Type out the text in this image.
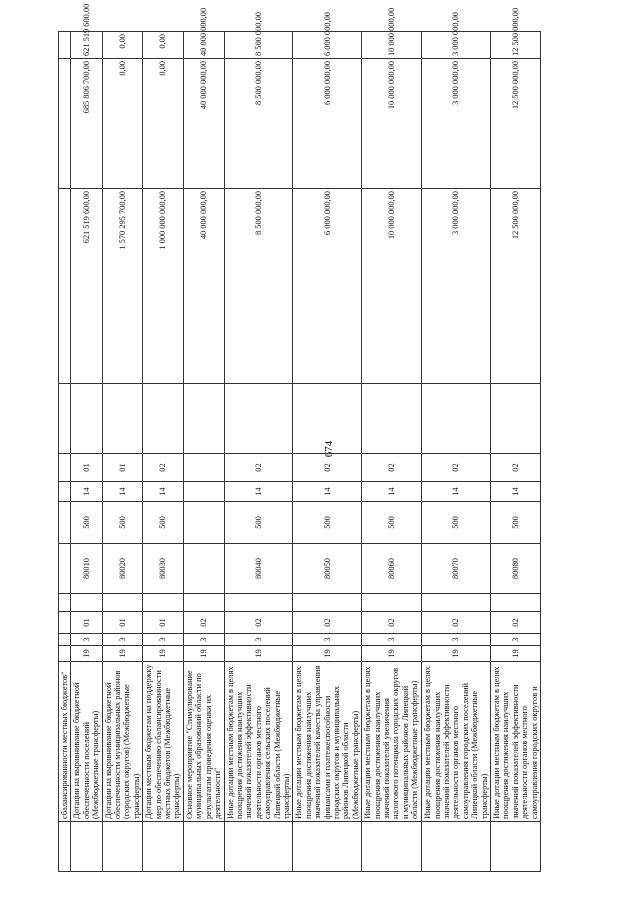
674
	сбалансированности местных бюджетов"												
	Дотации на выравнивание бюджетной обеспеченности поселений (Межбюджетные трансферты)	19	3	01		80010	500	14	01		621 519 600,00	685 806 700,00	621 519 600,00
	Дотации на выравнивание бюджетной обеспеченности муниципальных районов (городских округов) (Межбюджетные трансферты)	19	3	01		80020	500	14	01		1 570 295 700,00	0,00	0,00
	Дотации местным бюджетам на поддержку мер по обеспечению сбалансированности местных бюджетов (Межбюджетные трансферты)	19	3	01		80030	500	14	02		1 000 000 000,00	0,00	0,00
	Основное мероприятие "Стимулирование муниципальных образований области по результатам проведения оценки их деятельности"	19	3	02							40 000 000,00	40 000 000,00	40 000 000,00
	Иные дотации местным бюджетам в целях поощрения достижения наилучших значений показателей эффективности деятельности органов местного самоуправления сельских поселений Липецкой области (Межбюджетные трансферты)	19	3	02		80040	500	14	02		8 500 000,00	8 500 000,00	8 500 000,00
	Иные дотации местным бюджетам в целях поощрения достижения наилучших значений показателей качества управления финансами и платежеспособности городских округов и муниципальных районов Липецкой области (Межбюджетные трансферты)	19	3	02		80050	500	14	02		6 000 000,00	6 000 000,00	6 000 000,00
	Иные дотации местным бюджетам в целях поощрения достижения наилучших значений показателей увеличения налогового потенциала городских округов и муниципальных районов Липецкой области (Межбюджетные трансферты)	19	3	02		80060	500	14	02		10 000 000,00	10 000 000,00	10 000 000,00
	Иные дотации местным бюджетам в целях поощрения достижения наилучших значений показателей эффективности деятельности органов местного самоуправления городских поселений Липецкой области (Межбюджетные трансферты)	19	3	02		80070	500	14	02		3 000 000,00	3 000 000,00	3 000 000,00
	Иные дотации местным бюджетам в целях поощрения достижения наилучших значений показателей эффективности деятельности органов местного самоуправления городских округов и	19	3	02		80080	500	14	02		12 500 000,00	12 500 000,00	12 500 000,00
